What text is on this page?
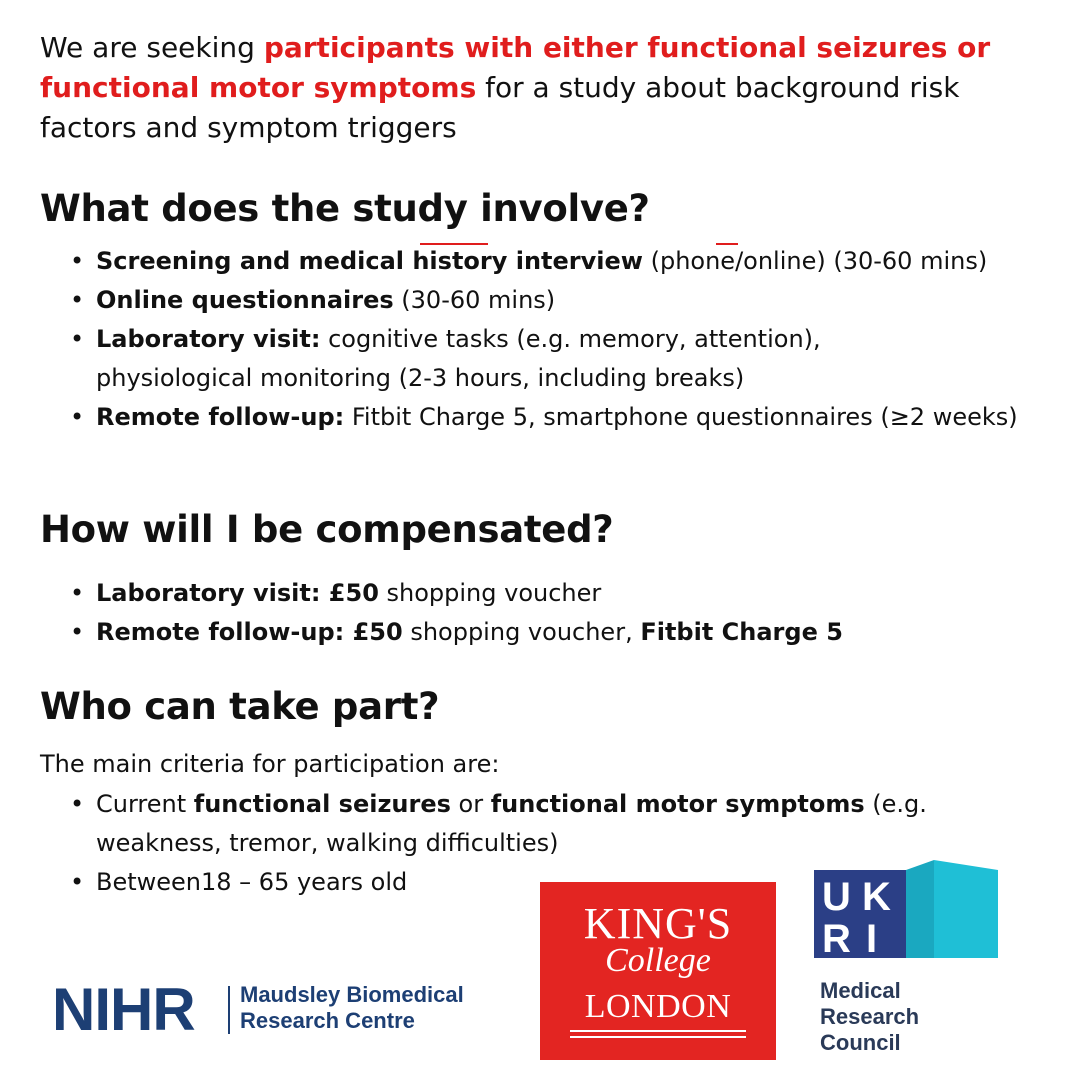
We are seeking participants with either functional seizures or functional motor symptoms for a study about background risk factors and symptom triggers

What does the study involve?
• Screening and medical history interview (phone/online) (30-60 mins)
• Online questionnaires (30-60 mins)
• Laboratory visit: cognitive tasks (e.g. memory, attention), physiological monitoring (2-3 hours, including breaks)
• Remote follow-up: Fitbit Charge 5, smartphone questionnaires (≥2 weeks)
How will I be compensated?
• Laboratory visit: £50 shopping voucher
• Remote follow-up: £50 shopping voucher, Fitbit Charge 5
Who can take part?

The main criteria for participation are:

• Current functional seizures or functional motor symptoms (e.g. weakness, tremor, walking difficulties)
• Between18 – 65 years old
NIHR Maudsley Biomedical
Research Centre
KING'S
College
LONDON
U K
R I
Medical
Research
Council
